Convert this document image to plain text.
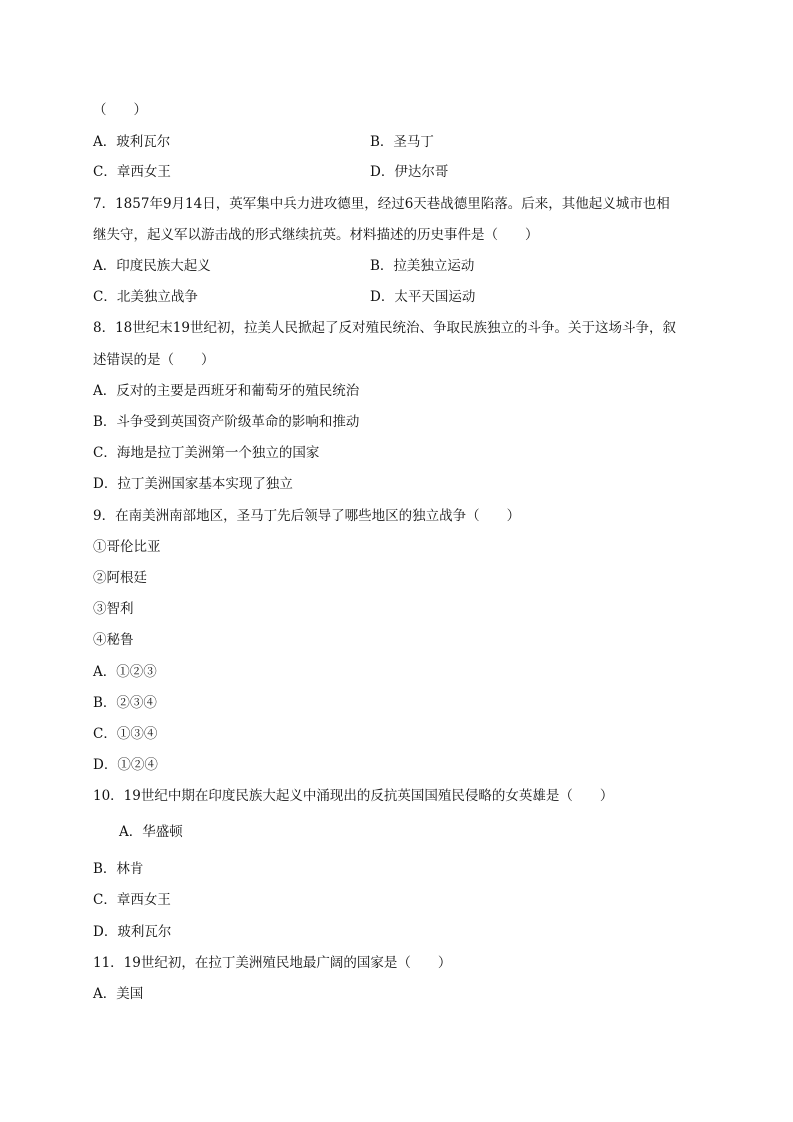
（　　）
A．玻利瓦尔	B．圣马丁
C．章西女王	D．伊达尔哥
7．1857年9月14日，英军集中兵力进攻德里，经过6天巷战德里陷落。后来，其他起义城市也相
继失守，起义军以游击战的形式继续抗英。材料描述的历史事件是（　　）
A．印度民族大起义	B．拉美独立运动
C．北美独立战争	D．太平天国运动
8．18世纪末19世纪初，拉美人民掀起了反对殖民统治、争取民族独立的斗争。关于这场斗争，叙
述错误的是（　　）
A．反对的主要是西班牙和葡萄牙的殖民统治
B．斗争受到英国资产阶级革命的影响和推动
C．海地是拉丁美洲第一个独立的国家
D．拉丁美洲国家基本实现了独立
9．在南美洲南部地区，圣马丁先后领导了哪些地区的独立战争（　　）
①哥伦比亚
②阿根廷
③智利
④秘鲁
A．①②③
B．②③④
C．①③④
D．①②④
10．19世纪中期在印度民族大起义中涌现出的反抗英国国殖民侵略的女英雄是（　　）
A．华盛顿
B．林肯
C．章西女王
D．玻利瓦尔
11．19世纪初，在拉丁美洲殖民地最广阔的国家是（　　）
A．美国
